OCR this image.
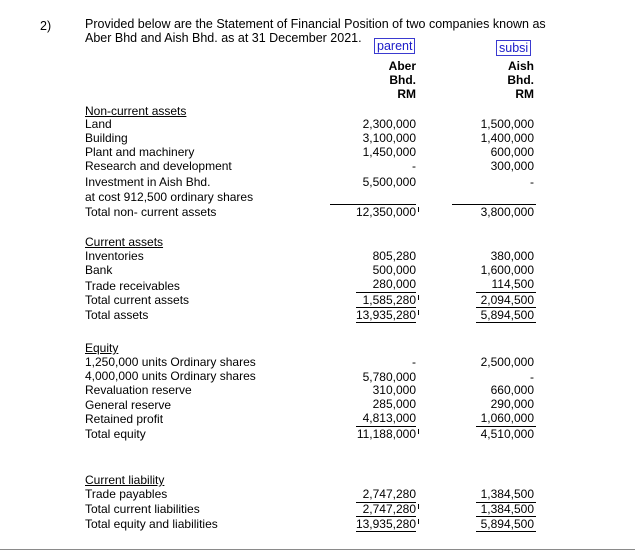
2)	Provided below are the Statement of Financial Position of two companies known as
Aber Bhd and Aish Bhd. as at 31 December 2021.
parent	subsi
Aber
Bhd.
RM
Aish
Bhd.
RM
Non-current assets
Land	2,300,000	1,500,000
Building	3,100,000	1,400,000
Plant and machinery	1,450,000	600,000
Research and development	-	300,000
Investment in Aish Bhd.	5,500,000	-
at cost 912,500 ordinary shares
Total non- current assets	12,350,000	3,800,000
Current assets
Inventories	805,280	380,000
Bank	500,000	1,600,000
Trade receivables	280,000	114,500
Total current assets	1,585,280	2,094,500
Total assets	13,935,280	5,894,500
Equity
1,250,000 units Ordinary shares	-	2,500,000
4,000,000 units Ordinary shares	5,780,000	-
Revaluation reserve	310,000	660,000
General reserve	285,000	290,000
Retained profit	4,813,000	1,060,000
Total equity	11,188,000	4,510,000
Current liability
Trade payables	2,747,280	1,384,500
Total current liabilities	2,747,280	1,384,500
Total equity and liabilities	13,935,280	5,894,500
